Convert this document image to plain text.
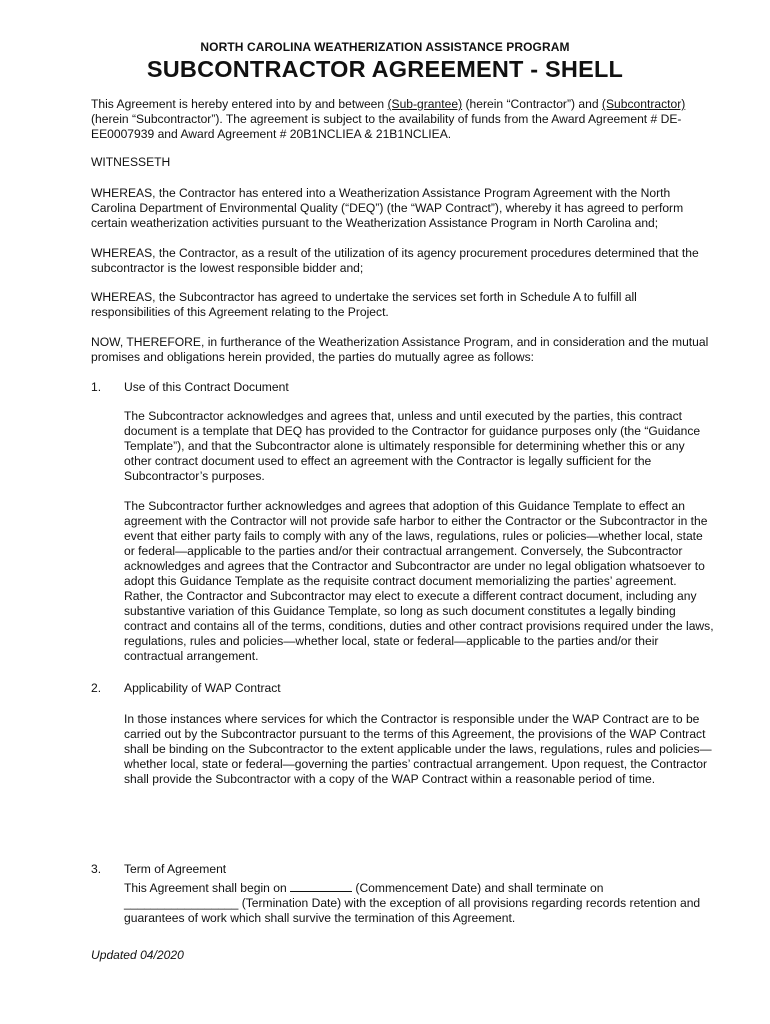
NORTH CAROLINA WEATHERIZATION ASSISTANCE PROGRAM
SUBCONTRACTOR AGREEMENT - SHELL

This Agreement is hereby entered into by and between (Sub-grantee) (herein “Contractor”) and (Subcontractor) (herein “Subcontractor”). The agreement is subject to the availability of funds from the Award Agreement # DE-EE0007939 and Award Agreement # 20B1NCLIEA & 21B1NCLIEA.

WITNESSETH

WHEREAS, the Contractor has entered into a Weatherization Assistance Program Agreement with the North Carolina Department of Environmental Quality (“DEQ”) (the “WAP Contract”), whereby it has agreed to perform certain weatherization activities pursuant to the Weatherization Assistance Program in North Carolina and;

WHEREAS, the Contractor, as a result of the utilization of its agency procurement procedures determined that the subcontractor is the lowest responsible bidder and;

WHEREAS, the Subcontractor has agreed to undertake the services set forth in Schedule A to fulfill all responsibilities of this Agreement relating to the Project.

NOW, THEREFORE, in furtherance of the Weatherization Assistance Program, and in consideration and the mutual promises and obligations herein provided, the parties do mutually agree as follows:

1. Use of this Contract Document

The Subcontractor acknowledges and agrees that, unless and until executed by the parties, this contract document is a template that DEQ has provided to the Contractor for guidance purposes only (the “Guidance Template”), and that the Subcontractor alone is ultimately responsible for determining whether this or any other contract document used to effect an agreement with the Contractor is legally sufficient for the Subcontractor’s purposes.

The Subcontractor further acknowledges and agrees that adoption of this Guidance Template to effect an agreement with the Contractor will not provide safe harbor to either the Contractor or the Subcontractor in the event that either party fails to comply with any of the laws, regulations, rules or policies—whether local, state or federal—applicable to the parties and/or their contractual arrangement. Conversely, the Subcontractor acknowledges and agrees that the Contractor and Subcontractor are under no legal obligation whatsoever to adopt this Guidance Template as the requisite contract document memorializing the parties’ agreement. Rather, the Contractor and Subcontractor may elect to execute a different contract document, including any substantive variation of this Guidance Template, so long as such document constitutes a legally binding contract and contains all of the terms, conditions, duties and other contract provisions required under the laws, regulations, rules and policies—whether local, state or federal—applicable to the parties and/or their contractual arrangement.

2. Applicability of WAP Contract

In those instances where services for which the Contractor is responsible under the WAP Contract are to be carried out by the Subcontractor pursuant to the terms of this Agreement, the provisions of the WAP Contract shall be binding on the Subcontractor to the extent applicable under the laws, regulations, rules and policies—whether local, state or federal—governing the parties’ contractual arrangement. Upon request, the Contractor shall provide the Subcontractor with a copy of the WAP Contract within a reasonable period of time.

3. Term of Agreement

This Agreement shall begin on	(Commencement Date) and shall terminate on
_________________ (Termination Date) with the exception of all provisions regarding records retention and guarantees of work which shall survive the termination of this Agreement.

Updated 04/2020
